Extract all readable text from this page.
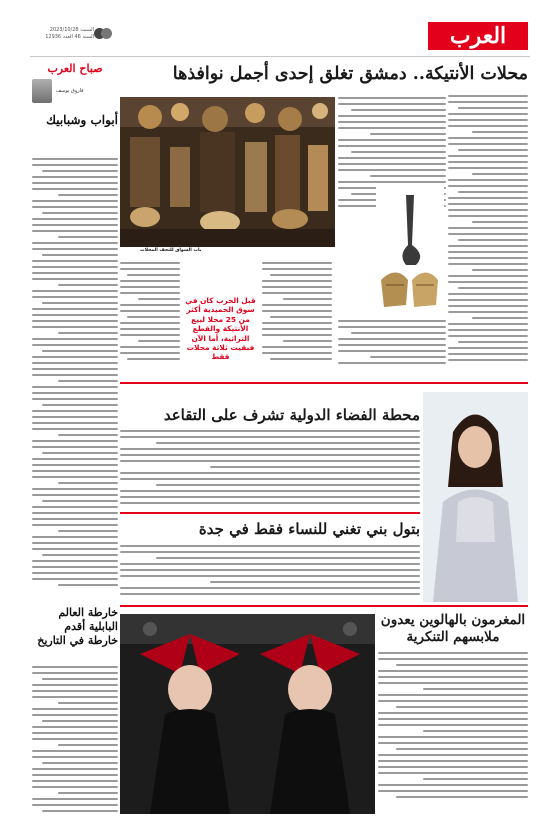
العرب
السبت 2023/10/28
السنة 46 العدد 12936
صباح العرب
فاروق يوسف
أبواب وشبابيك
خارطة العالم البابلية أقدم خارطة في التاريخ
محلات الأنتيكة.. دمشق تغلق إحدى أجمل نوافذها
باب السواق للتحف المحلات
قبل الحرب كان في سوق الحميدية أكثر من 25 محلا لبيع الأنتيكة والقطع التراثية، أما الآن فبقيت ثلاثة محلات فقط
محطة الفضاء الدولية تشرف على التقاعد
بتول بني تغني للنساء فقط في جدة
المغرمون بالهالوين يعدون ملابسهم التنكرية
